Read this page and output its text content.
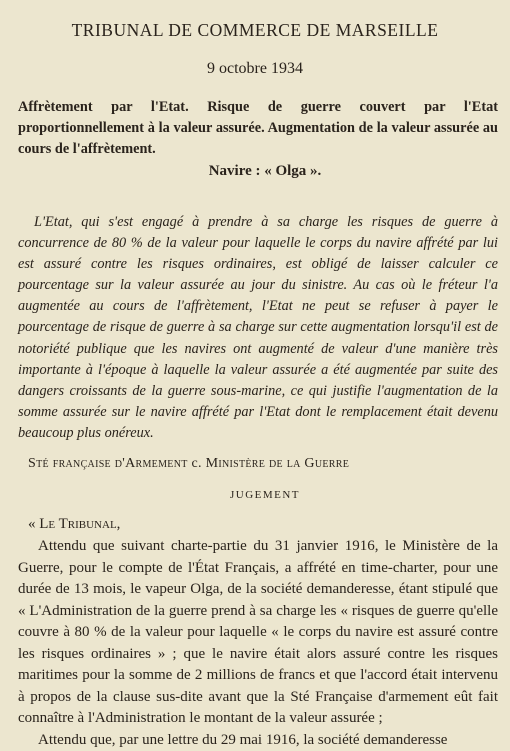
TRIBUNAL DE COMMERCE DE MARSEILLE
9 octobre 1934
Affrètement par l'Etat. Risque de guerre couvert par l'Etat proportionnellement à la valeur assurée. Augmentation de la valeur assurée au cours de l'affrètement.
Navire : « Olga ».
L'Etat, qui s'est engagé à prendre à sa charge les risques de guerre à concurrence de 80 % de la valeur pour laquelle le corps du navire affrété par lui est assuré contre les risques ordinaires, est obligé de laisser calculer ce pourcentage sur la valeur assurée au jour du sinistre. Au cas où le fréteur l'a augmentée au cours de l'affrètement, l'Etat ne peut se refuser à payer le pourcentage de risque de guerre à sa charge sur cette augmentation lorsqu'il est de notoriété publique que les navires ont augmenté de valeur d'une manière très importante à l'époque à laquelle la valeur assurée a été augmentée par suite des dangers croissants de la guerre sous-marine, ce qui justifie l'augmentation de la somme assurée sur le navire affrété par l'Etat dont le remplacement était devenu beaucoup plus onéreux.
Sté française d'Armement c. Ministère de la Guerre
JUGEMENT
« Le Tribunal,

Attendu que suivant charte-partie du 31 janvier 1916, le Ministère de la Guerre, pour le compte de l'État Français, a affrété en time-charter, pour une durée de 13 mois, le vapeur Olga, de la société demanderesse, étant stipulé que « L'Administration de la guerre prend à sa charge les « risques de guerre qu'elle couvre à 80 % de la valeur pour laquelle « le corps du navire est assuré contre les risques ordinaires » ; que le navire était alors assuré contre les risques maritimes pour la somme de 2 millions de francs et que l'accord était intervenu à propos de la clause sus-dite avant que la Sté Française d'armement eût fait connaître à l'Administration le montant de la valeur assurée ;

Attendu que, par une lettre du 29 mai 1916, la société demanderesse
